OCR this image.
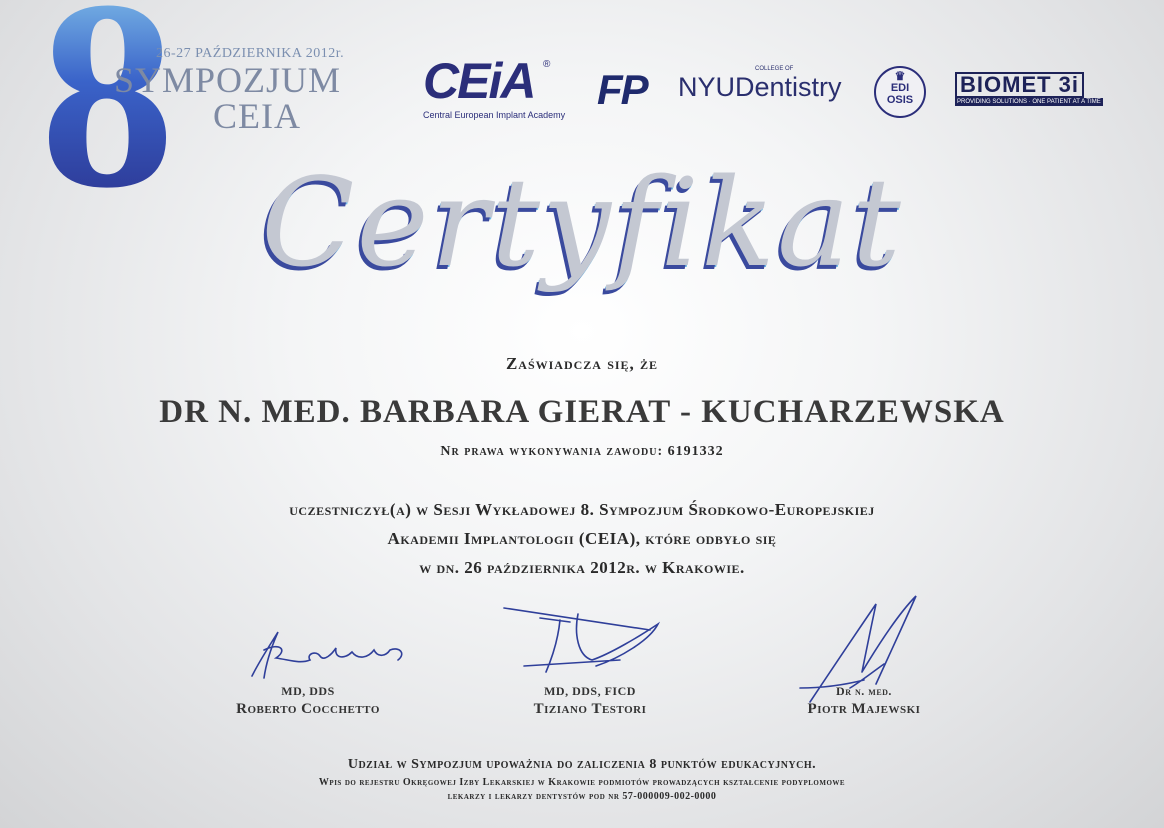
8
26-27 PAŹDZIERNIKA 2012r.
SYMPOZJUM
CEIA
CEiA ®
Central European Implant Academy
FP	COLLEGE OF
NYUDentistry	♛
EDI
OSIS
BIOMET 3i
PROVIDING SOLUTIONS · ONE PATIENT AT A TIME
Certyfikat
Zaświadcza się, że
DR N. MED. BARBARA GIERAT - KUCHARZEWSKA
Nr prawa wykonywania zawodu: 6191332
uczestniczył(a) w Sesji Wykładowej 8. Sympozjum Środkowo-Europejskiej
Akademii Implantologii (CEIA), które odbyło się
w dn. 26 października 2012r. w Krakowie.
MD, DDS
Roberto Cocchetto
MD, DDS, FICD
Tiziano Testori
Dr n. med.
Piotr Majewski
Udział w Sympozjum upoważnia do zaliczenia 8 punktów edukacyjnych.
Wpis do rejestru Okręgowej Izby Lekarskiej w Krakowie podmiotów prowadzących kształcenie podyplomowe
lekarzy i lekarzy dentystów pod nr 57-000009-002-0000
